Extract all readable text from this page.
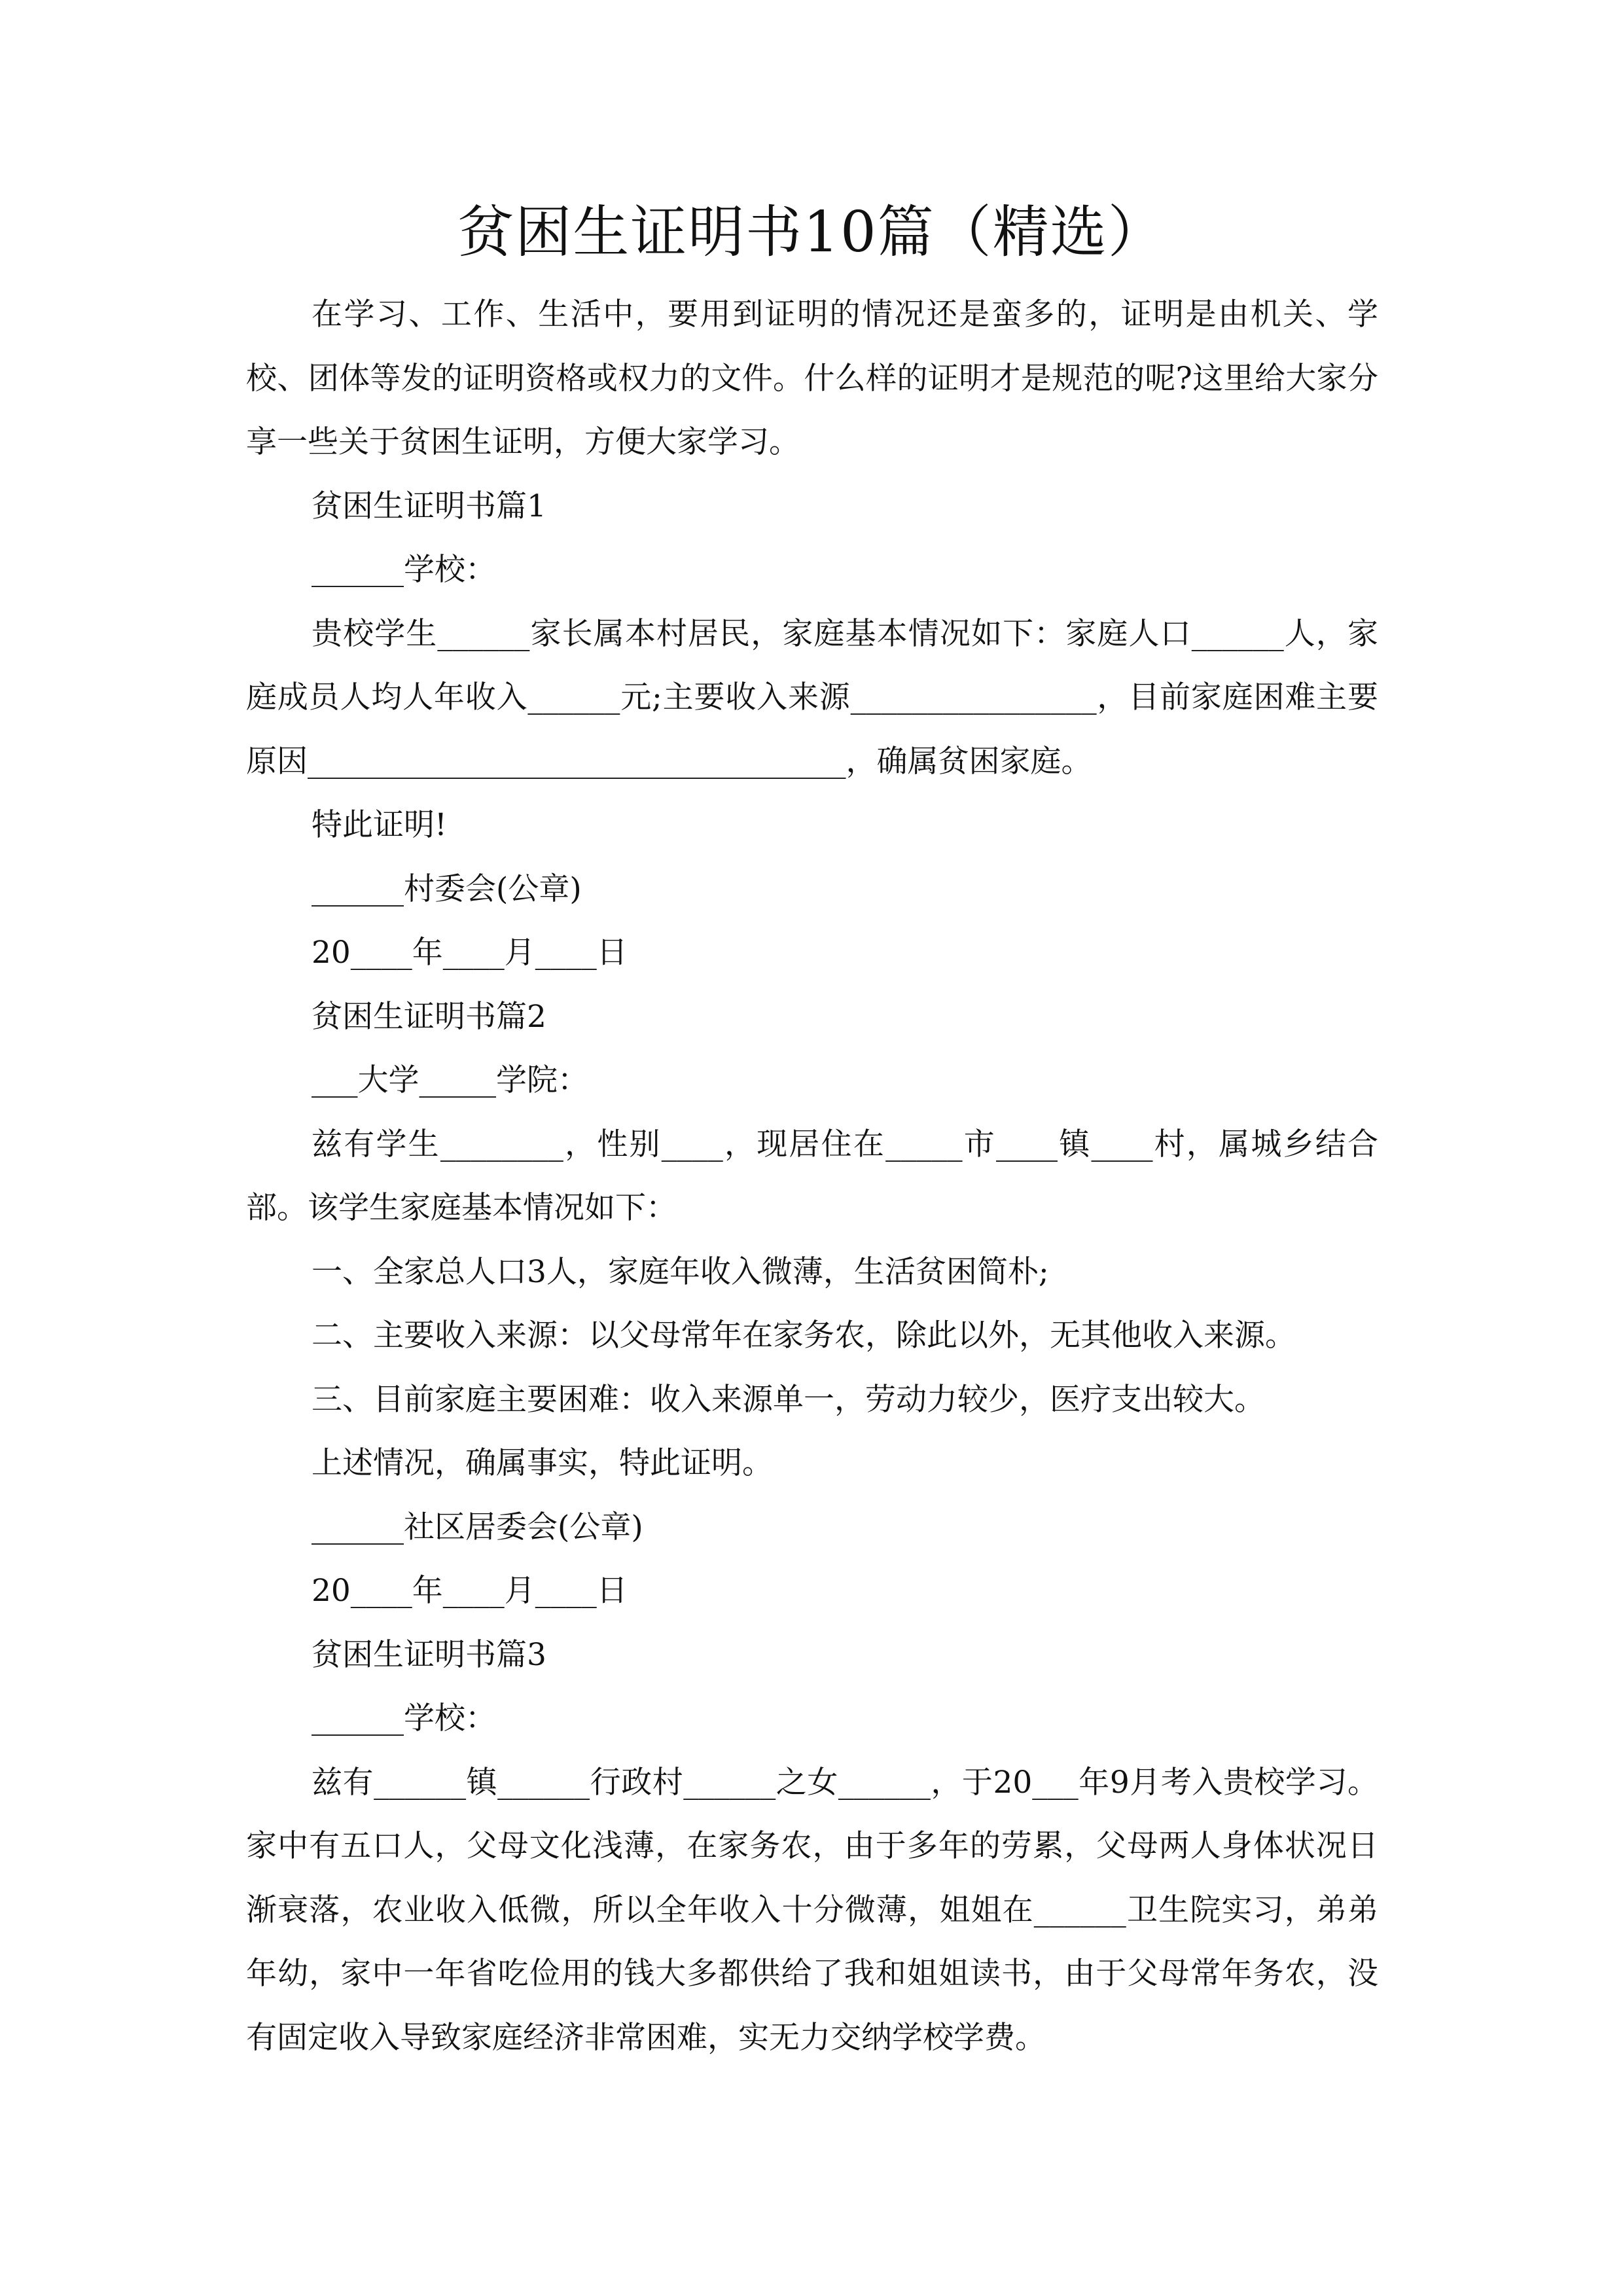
贫困生证明书10篇（精选）

在学习、工作、生活中，要用到证明的情况还是蛮多的，证明是由机关、学校、团体等发的证明资格或权力的文件。什么样的证明才是规范的呢?这里给大家分享一些关于贫困生证明，方便大家学习。

贫困生证明书篇1

______学校：

贵校学生______家长属本村居民，家庭基本情况如下：家庭人口______人，家庭成员人均人年收入______元;主要收入来源________________，目前家庭困难主要原因___________________________________，确属贫困家庭。

特此证明!

______村委会(公章)

20____年____月____日

贫困生证明书篇2

___大学_____学院：

兹有学生________，性别____，现居住在_____市____镇____村，属城乡结合部。该学生家庭基本情况如下：

一、全家总人口3人，家庭年收入微薄，生活贫困简朴;

二、主要收入来源：以父母常年在家务农，除此以外，无其他收入来源。

三、目前家庭主要困难：收入来源单一，劳动力较少，医疗支出较大。

上述情况，确属事实，特此证明。

______社区居委会(公章)

20____年____月____日

贫困生证明书篇3

______学校：

兹有______镇______行政村______之女______，于20___年9月考入贵校学习。家中有五口人，父母文化浅薄，在家务农，由于多年的劳累，父母两人身体状况日渐衰落，农业收入低微，所以全年收入十分微薄，姐姐在______卫生院实习，弟弟年幼，家中一年省吃俭用的钱大多都供给了我和姐姐读书，由于父母常年务农，没有固定收入导致家庭经济非常困难，实无力交纳学校学费。
